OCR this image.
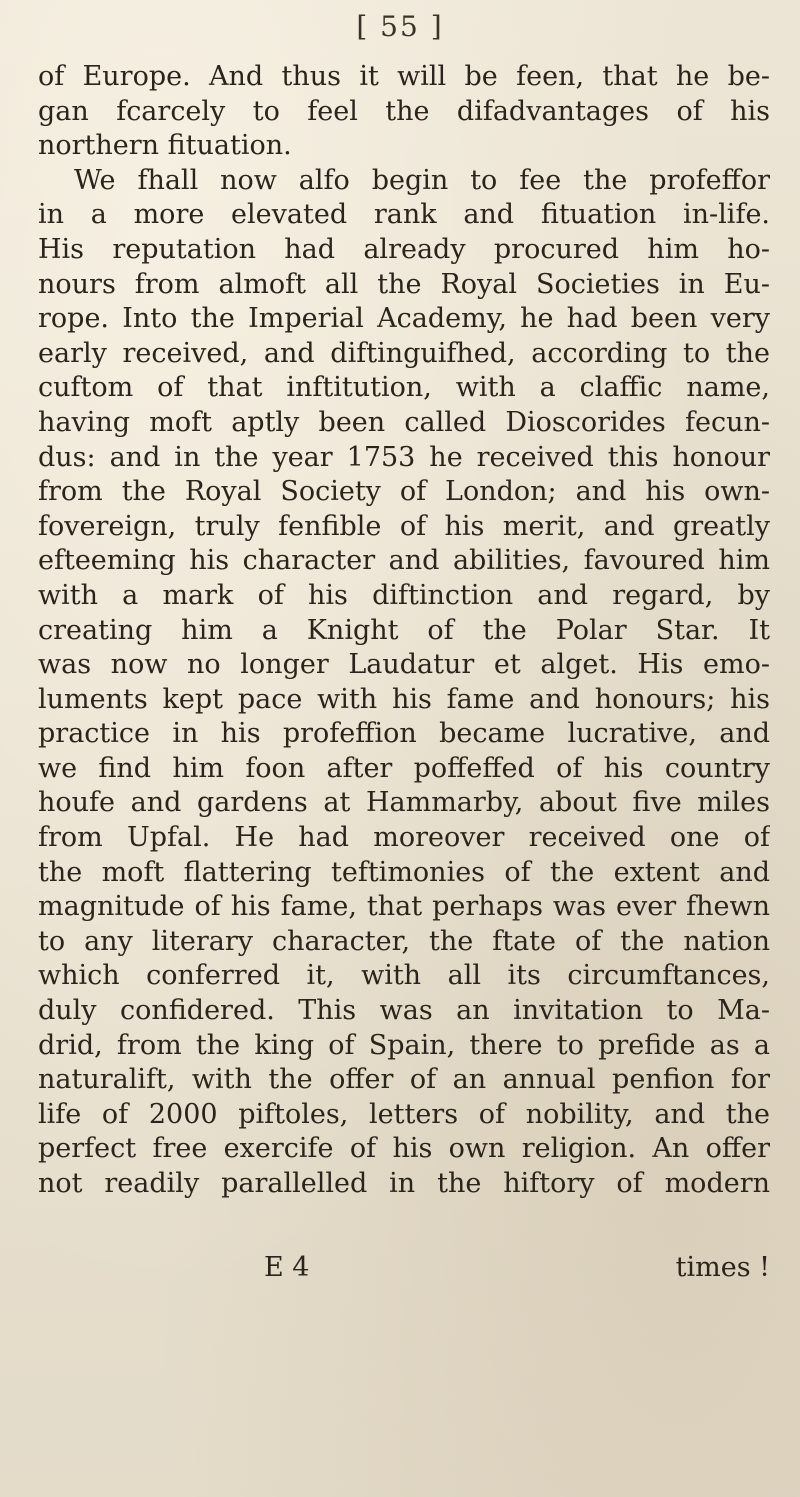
[ 55 ]
of Europe. And thus it will be feen, that he be-
gan fcarcely to feel the difadvantages of his
northern fituation.
We fhall now alfo begin to fee the profeffor
in a more elevated rank and fituation in-life.
His reputation had already procured him ho-
nours from almoft all the Royal Societies in Eu-
rope. Into the Imperial Academy, he had been very
early received, and diftinguifhed, according to the
cuftom of that inftitution, with a claffic name,
having moft aptly been called Dioscorides fecun-
dus: and in the year 1753 he received this honour
from the Royal Society of London; and his own-
fovereign, truly fenfible of his merit, and greatly
efteeming his character and abilities, favoured him
with a mark of his diftinction and regard, by
creating him a Knight of the Polar Star. It
was now no longer Laudatur et alget. His emo-
luments kept pace with his fame and honours; his
practice in his profeffion became lucrative, and
we find him foon after poffeffed of his country
houfe and gardens at Hammarby, about five miles
from Upfal. He had moreover received one of
the moft flattering teftimonies of the extent and
magnitude of his fame, that perhaps was ever fhewn
to any literary character, the ftate of the nation
which conferred it, with all its circumftances,
duly confidered. This was an invitation to Ma-
drid, from the king of Spain, there to prefide as a
naturalift, with the offer of an annual penfion for
life of 2000 piftoles, letters of nobility, and the
perfect free exercife of his own religion. An offer
not readily parallelled in the hiftory of modern
E 4	times !
